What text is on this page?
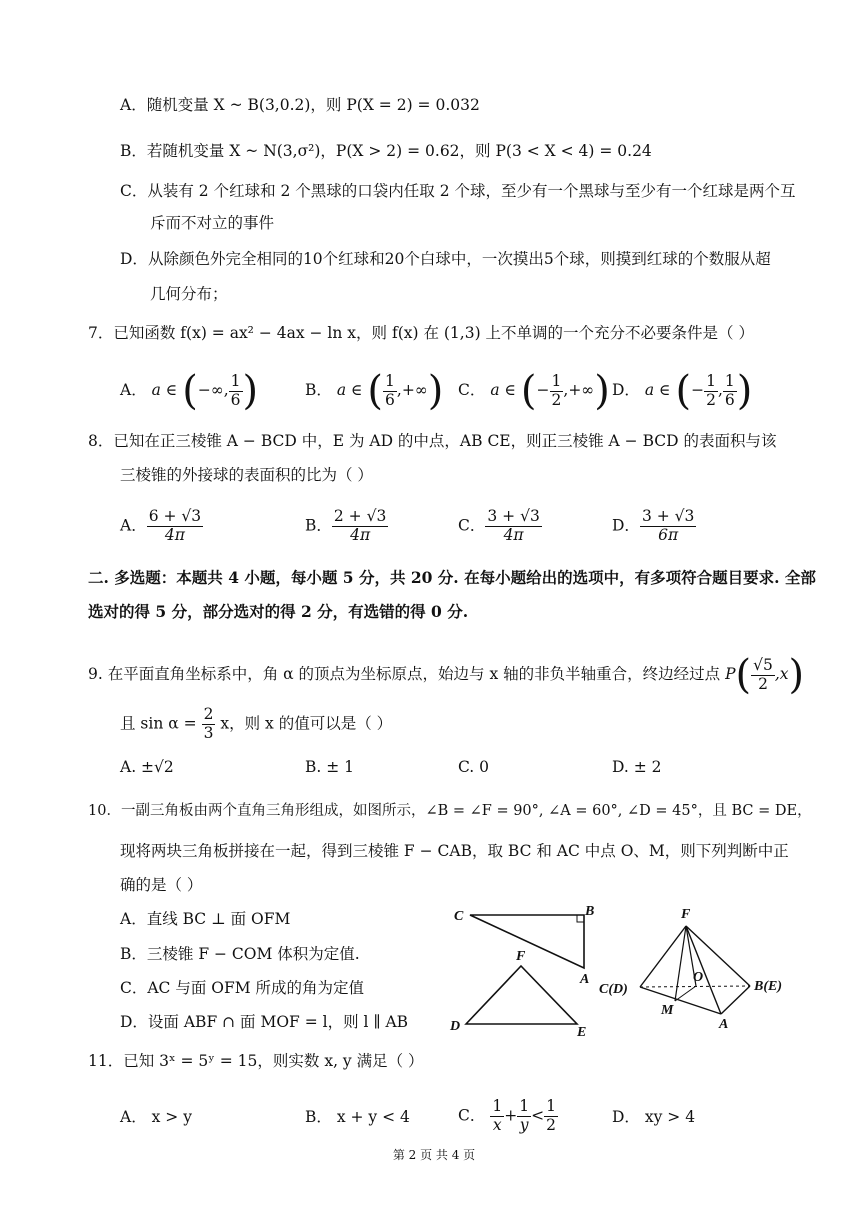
A．随机变量 X ~ B(3,0.2)，则 P(X = 2) = 0.032
B．若随机变量 X ~ N(3,σ²)，P(X > 2) = 0.62，则 P(3 < X < 4) = 0.24
C．从装有 2 个红球和 2 个黑球的口袋内任取 2 个球，至少有一个黑球与至少有一个红球是两个互
斥而不对立的事件
D．从除颜色外完全相同的10个红球和20个白球中，一次摸出5个球，则摸到红球的个数服从超
几何分布；
7．已知函数 f(x) = ax² − 4ax − ln x，则 f(x) 在 (1,3) 上不单调的一个充分不必要条件是（ ）
A． a ∈ (−∞, $\frac{1}{6}$ )	B． a ∈ ( $\frac{1}{6}$ ,+∞) C． a ∈ (− $\frac{1}{2}$ ,+∞) D． a ∈ (− $\frac{1}{2}$ , $\frac{1}{6}$ )
8．已知在正三棱锥 A − BCD 中，E 为 AD 的中点，AB CE，则正三棱锥 A − BCD 的表面积与该
三棱锥的外接球的表面积的比为（ ）
A． $\frac{6 + √3}{4\pi}$	B． $\frac{2 + √3}{4\pi}$	C． $\frac{3 + √3}{4\pi}$	D． $\frac{3 + √3}{6\pi}$
二. 多选题：本题共 4 小题，每小题 5 分，共 20 分. 在每小题给出的选项中，有多项符合题目要求. 全部
选对的得 5 分，部分选对的得 2 分，有选错的得 0 分.
9. 在平面直角坐标系中，角 α 的顶点为坐标原点，始边与 x 轴的非负半轴重合，终边经过点 $P( \frac{√5}{2} ,x)$
且 $\sin \alpha = \frac{2}{3}$ x，则 x 的值可以是（ ）
A. ±√2	B. ± 1	C. 0	D. ± 2
10．一副三角板由两个直角三角形组成，如图所示，∠B = ∠F = 90°, ∠A = 60°, ∠D = 45°，且 BC = DE，
现将两块三角板拼接在一起，得到三棱锥 F − CAB，取 BC 和 AC 中点 O、M，则下列判断中正
确的是（ ）
A．直线 BC ⊥ 面 OFM
B．三棱锥 F − COM 体积为定值.
C．AC 与面 OFM 所成的角为定值
D．设面 ABF ∩ 面 MOF = l，则 l ∥ AB
C	B
A
F
D	E
F
C(D)	B(E)
O
M
A
11．已知 3ˣ = 5ʸ = 15，则实数 x, y 满足（ ）
A． x > y	B． x + y < 4	C． $\frac{1}{x} + \frac{1}{y} < \frac{1}{2}$	D． xy > 4
第 2 页 共 4 页
